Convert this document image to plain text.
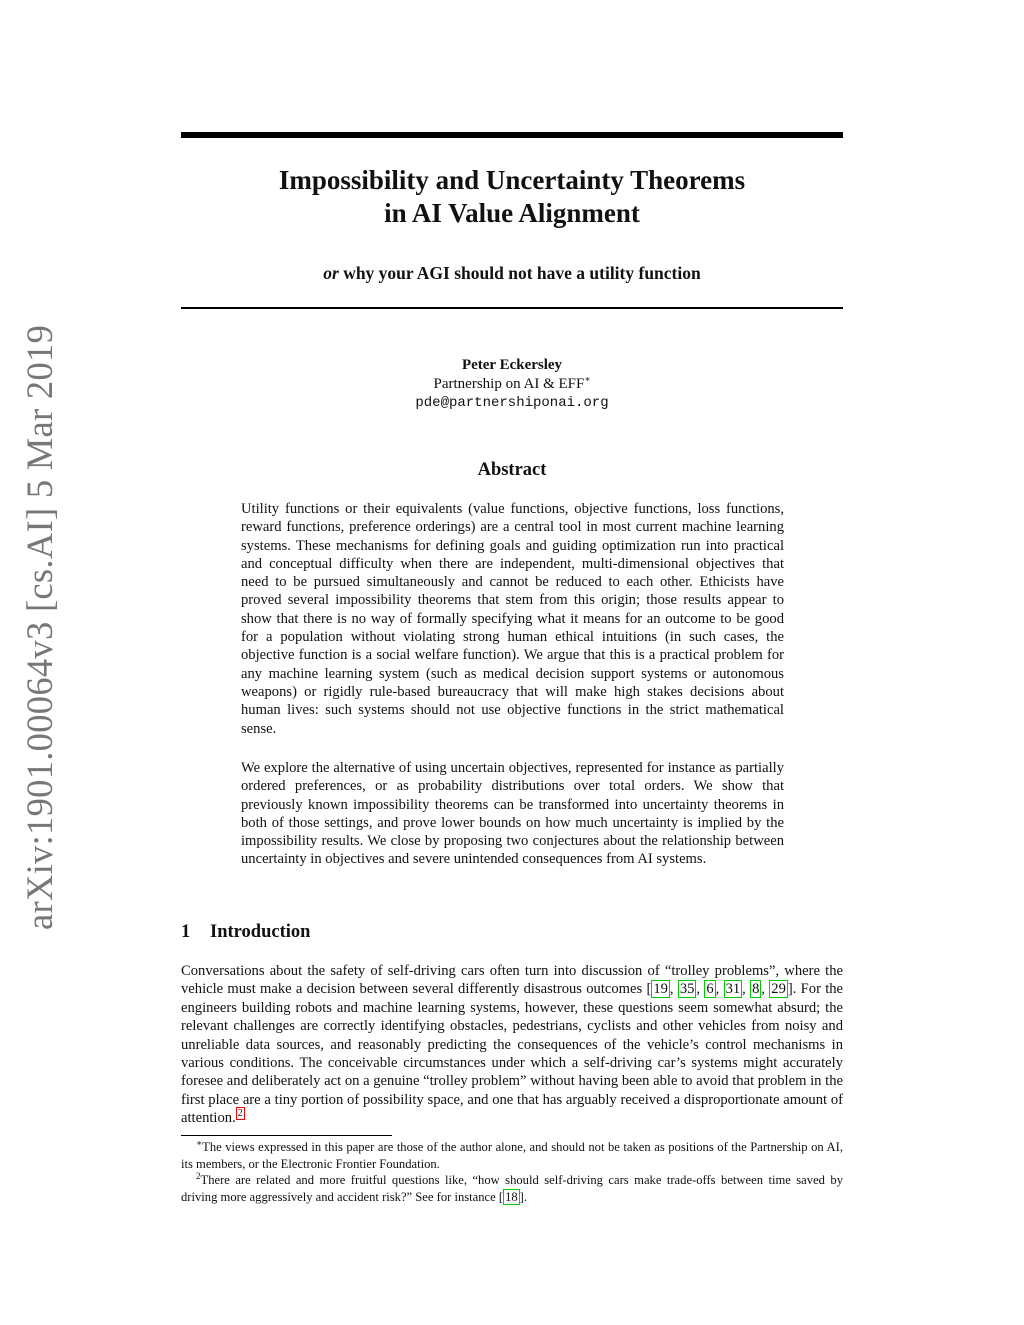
arXiv:1901.00064v3 [cs.AI] 5 Mar 2019
Impossibility and Uncertainty Theorems
in AI Value Alignment
or why your AGI should not have a utility function
Peter Eckersley
Partnership on AI & EFF∗
pde@partnershiponai.org
Abstract

Utility functions or their equivalents (value functions, objective functions, loss functions, reward functions, preference orderings) are a central tool in most current machine learning systems. These mechanisms for defining goals and guiding optimization run into practical and conceptual difficulty when there are independent, multi-dimensional objectives that need to be pursued simultaneously and cannot be reduced to each other. Ethicists have proved several impossibility theorems that stem from this origin; those results appear to show that there is no way of formally specifying what it means for an outcome to be good for a population without violating strong human ethical intuitions (in such cases, the objective function is a social welfare function). We argue that this is a practical problem for any machine learning system (such as medical decision support systems or autonomous weapons) or rigidly rule-based bureaucracy that will make high stakes decisions about human lives: such systems should not use objective functions in the strict mathematical sense.

We explore the alternative of using uncertain objectives, represented for instance as partially ordered preferences, or as probability distributions over total orders. We show that previously known impossibility theorems can be transformed into uncertainty theorems in both of those settings, and prove lower bounds on how much uncertainty is implied by the impossibility results. We close by proposing two conjectures about the relationship between uncertainty in objectives and severe unintended consequences from AI systems.

1 Introduction

Conversations about the safety of self-driving cars often turn into discussion of “trolley problems”, where the vehicle must make a decision between several differently disastrous outcomes [ 19 , 35 , 6 , 31 , 8 , 29 ]. For the engineers building robots and machine learning systems, however, these questions seem somewhat absurd; the relevant challenges are correctly identifying obstacles, pedestrians, cyclists and other vehicles from noisy and unreliable data sources, and reasonably predicting the consequences of the vehicle’s control mechanisms in various conditions. The conceivable circumstances under which a self-driving car’s systems might accurately foresee and deliberately act on a genuine “trolley problem” without having been able to avoid that problem in the first place are a tiny portion of possibility space, and one that has arguably received a disproportionate amount of attention. $^2$

∗The views expressed in this paper are those of the author alone, and should not be taken as positions of the Partnership on AI, its members, or the Electronic Frontier Foundation.

$^2$There are related and more fruitful questions like, “how should self-driving cars make trade-offs between time saved by driving more aggressively and accident risk?” See for instance [ 18 ].
